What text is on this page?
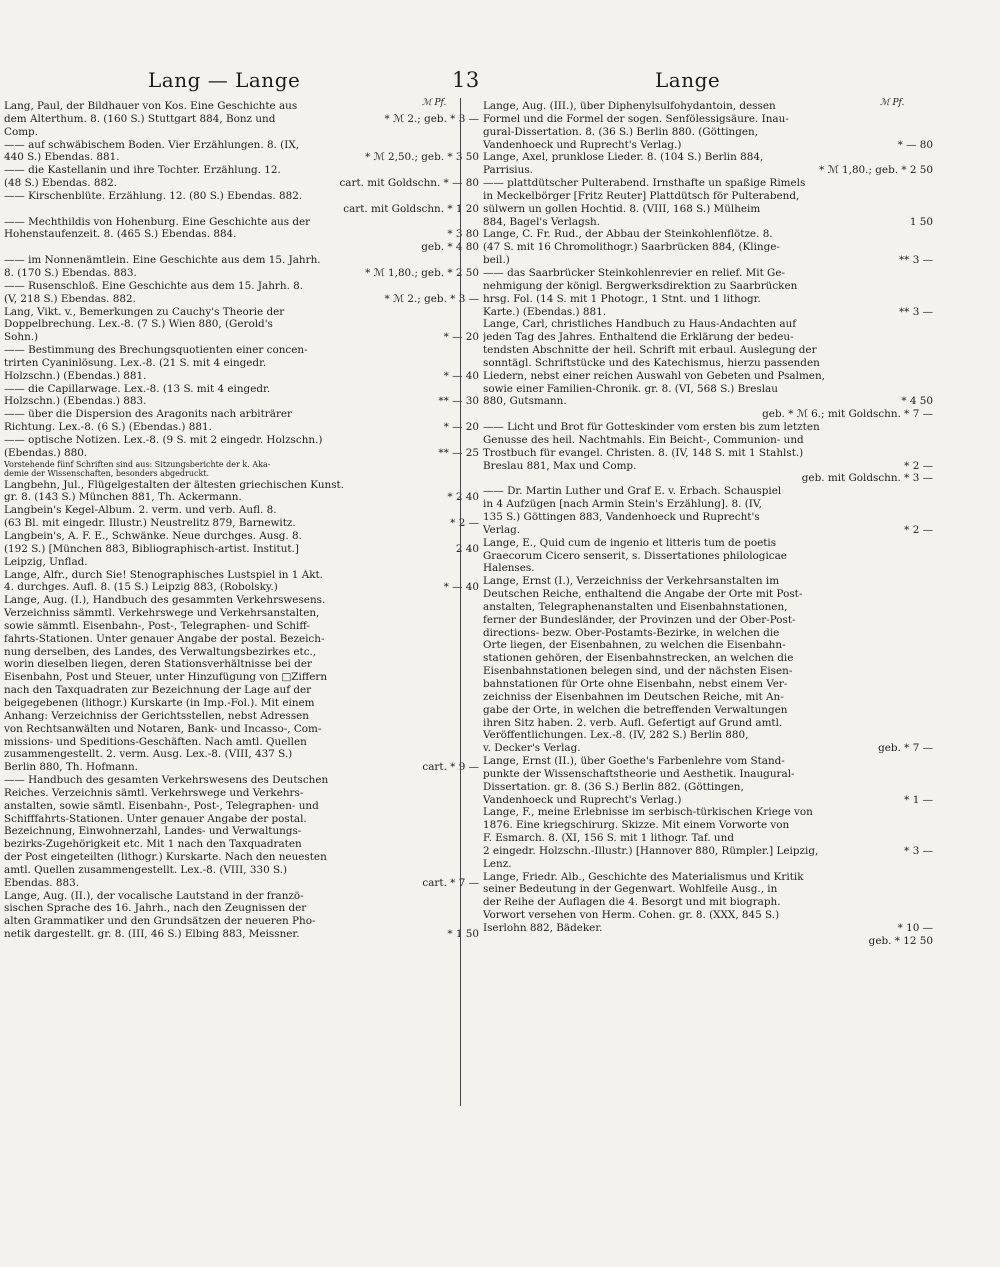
Lang — Lange	13	Lange
ℳ Pf.	ℳ Pf.
Lang, Paul, der Bildhauer von Kos. Eine Geschichte aus
dem Alterthum. 8. (160 S.) Stuttgart 884, Bonz und
Comp.
* ℳ 2.; geb. * 3 —
—— auf schwäbischem Boden. Vier Erzählungen. 8. (IX,
440 S.) Ebendas. 881.	* ℳ 2,50.; geb. * 3 50
—— die Kastellanin und ihre Tochter. Erzählung. 12.
(48 S.) Ebendas. 882.	cart. mit Goldschn. * — 80
—— Kirschenblüte. Erzählung. 12. (80 S.) Ebendas. 882.
cart. mit Goldschn. * 1 20
—— Mechthildis von Hohenburg. Eine Geschichte aus der
Hohenstaufenzeit. 8. (465 S.) Ebendas. 884.	* 3 80
geb. * 4 80
—— im Nonnenämtlein. Eine Geschichte aus dem 15. Jahrh.
8. (170 S.) Ebendas. 883.	* ℳ 1,80.; geb. * 2 50
—— Rusenschloß. Eine Geschichte aus dem 15. Jahrh. 8.
(V, 218 S.) Ebendas. 882.	* ℳ 2.; geb. * 3 —
Lang, Vikt. v., Bemerkungen zu Cauchy's Theorie der
Doppelbrechung. Lex.-8. (7 S.) Wien 880, (Gerold's
Sohn.)	* — 20
—— Bestimmung des Brechungsquotienten einer concen-
trirten Cyaninlösung. Lex.-8. (21 S. mit 4 eingedr.
Holzschn.) (Ebendas.) 881.	* — 40
—— die Capillarwage. Lex.-8. (13 S. mit 4 eingedr.
Holzschn.) (Ebendas.) 883.	** — 30
—— über die Dispersion des Aragonits nach arbiträrer
Richtung. Lex.-8. (6 S.) (Ebendas.) 881.	* — 20
—— optische Notizen. Lex.-8. (9 S. mit 2 eingedr. Holzschn.)
(Ebendas.) 880.	** — 25
Vorstehende fünf Schriften sind aus: Sitzungsberichte der k. Aka-
demie der Wissenschaften, besonders abgedruckt.
Langbehn, Jul., Flügelgestalten der ältesten griechischen Kunst.
gr. 8. (143 S.) München 881, Th. Ackermann.	* 2 40
Langbein's Kegel-Album. 2. verm. und verb. Aufl. 8.
(63 Bl. mit eingedr. Illustr.) Neustrelitz 879, Barnewitz.	* 2 —
Langbein's, A. F. E., Schwänke. Neue durchges. Ausg. 8.
(192 S.) [München 883, Bibliographisch-artist. Institut.]
Leipzig, Unflad.
2 40
Lange, Alfr., durch Sie! Stenographisches Lustspiel in 1 Akt.
4. durchges. Aufl. 8. (15 S.) Leipzig 883, (Robolsky.)	* — 40
Lange, Aug. (I.), Handbuch des gesammten Verkehrswesens.
Verzeichniss sämmtl. Verkehrswege und Verkehrsanstalten,
sowie sämmtl. Eisenbahn-, Post-, Telegraphen- und Schiff-
fahrts-Stationen. Unter genauer Angabe der postal. Bezeich-
nung derselben, des Landes, des Verwaltungsbezirkes etc.,
worin dieselben liegen, deren Stationsverhältnisse bei der
Eisenbahn, Post und Steuer, unter Hinzufügung von □Ziffern
nach den Taxquadraten zur Bezeichnung der Lage auf der
beigegebenen (lithogr.) Kurskarte (in Imp.-Fol.). Mit einem
Anhang: Verzeichniss der Gerichtsstellen, nebst Adressen
von Rechtsanwälten und Notaren, Bank- und Incasso-, Com-
missions- und Speditions-Geschäften. Nach amtl. Quellen
zusammengestellt. 2. verm. Ausg. Lex.-8. (VIII, 437 S.)
Berlin 880, Th. Hofmann.	cart. * 9 —
—— Handbuch des gesamten Verkehrswesens des Deutschen
Reiches. Verzeichnis sämtl. Verkehrswege und Verkehrs-
anstalten, sowie sämtl. Eisenbahn-, Post-, Telegraphen- und
Schifffahrts-Stationen. Unter genauer Angabe der postal.
Bezeichnung, Einwohnerzahl, Landes- und Verwaltungs-
bezirks-Zugehörigkeit etc. Mit 1 nach den Taxquadraten
der Post eingeteilten (lithogr.) Kurskarte. Nach den neuesten
amtl. Quellen zusammengestellt. Lex.-8. (VIII, 330 S.)
Ebendas. 883.	cart. * 7 —
Lange, Aug. (II.), der vocalische Lautstand in der franzö-
sischen Sprache des 16. Jahrh., nach den Zeugnissen der
alten Grammatiker und den Grundsätzen der neueren Pho-
netik dargestellt. gr. 8. (III, 46 S.) Elbing 883, Meissner.	* 1 50
Lange, Aug. (III.), über Diphenylsulfohydantoin, dessen
Formel und die Formel der sogen. Senfölessigsäure. Inau-
gural-Dissertation. 8. (36 S.) Berlin 880. (Göttingen,
Vandenhoeck und Ruprecht's Verlag.)	* — 80
Lange, Axel, prunklose Lieder. 8. (104 S.) Berlin 884,
Parrisius.	* ℳ 1,80.; geb. * 2 50
—— plattdütscher Pulterabend. Irnsthafte un spaßige Rimels
in Meckelbörger [Fritz Reuter] Plattdütsch för Pulterabend,
sülwern un gollen Hochtid. 8. (VIII, 168 S.) Mülheim
884, Bagel's Verlagsh.	1 50
Lange, C. Fr. Rud., der Abbau der Steinkohlenflötze. 8.
(47 S. mit 16 Chromolithogr.) Saarbrücken 884, (Klinge-
beil.)	** 3 —
—— das Saarbrücker Steinkohlenrevier en relief. Mit Ge-
nehmigung der königl. Bergwerksdirektion zu Saarbrücken
hrsg. Fol. (14 S. mit 1 Photogr., 1 Stnt. und 1 lithogr.
Karte.) (Ebendas.) 881.	** 3 —
Lange, Carl, christliches Handbuch zu Haus-Andachten auf
jeden Tag des Jahres. Enthaltend die Erklärung der bedeu-
tendsten Abschnitte der heil. Schrift mit erbaul. Auslegung der
sonntägl. Schriftstücke und des Katechismus, hierzu passenden
Liedern, nebst einer reichen Auswahl von Gebeten und Psalmen,
sowie einer Familien-Chronik. gr. 8. (VI, 568 S.) Breslau
880, Gutsmann.	* 4 50
geb. * ℳ 6.; mit Goldschn. * 7 —
—— Licht und Brot für Gotteskinder vom ersten bis zum letzten
Genusse des heil. Nachtmahls. Ein Beicht-, Communion- und
Trostbuch für evangel. Christen. 8. (IV, 148 S. mit 1 Stahlst.)
Breslau 881, Max und Comp.	* 2 —
geb. mit Goldschn. * 3 —
—— Dr. Martin Luther und Graf E. v. Erbach. Schauspiel
in 4 Aufzügen [nach Armin Stein's Erzählung]. 8. (IV,
135 S.) Göttingen 883, Vandenhoeck und Ruprecht's
Verlag.	* 2 —
Lange, E., Quid cum de ingenio et litteris tum de poetis
Graecorum Cicero senserit, s. Dissertationes philologicae
Halenses.
Lange, Ernst (I.), Verzeichniss der Verkehrsanstalten im
Deutschen Reiche, enthaltend die Angabe der Orte mit Post-
anstalten, Telegraphenanstalten und Eisenbahnstationen,
ferner der Bundesländer, der Provinzen und der Ober-Post-
directions- bezw. Ober-Postamts-Bezirke, in welchen die
Orte liegen, der Eisenbahnen, zu welchen die Eisenbahn-
stationen gehören, der Eisenbahnstrecken, an welchen die
Eisenbahnstationen belegen sind, und der nächsten Eisen-
bahnstationen für Orte ohne Eisenbahn, nebst einem Ver-
zeichniss der Eisenbahnen im Deutschen Reiche, mit An-
gabe der Orte, in welchen die betreffenden Verwaltungen
ihren Sitz haben. 2. verb. Aufl. Gefertigt auf Grund amtl.
Veröffentlichungen. Lex.-8. (IV, 282 S.) Berlin 880,
v. Decker's Verlag.	geb. * 7 —
Lange, Ernst (II.), über Goethe's Farbenlehre vom Stand-
punkte der Wissenschaftstheorie und Aesthetik. Inaugural-
Dissertation. gr. 8. (36 S.) Berlin 882. (Göttingen,
Vandenhoeck und Ruprecht's Verlag.)	* 1 —
Lange, F., meine Erlebnisse im serbisch-türkischen Kriege von
1876. Eine kriegschirurg. Skizze. Mit einem Vorworte von
F. Esmarch. 8. (XI, 156 S. mit 1 lithogr. Taf. und
2 eingedr. Holzschn.-Illustr.) [Hannover 880, Rümpler.] Leipzig,
Lenz.
* 3 —
Lange, Friedr. Alb., Geschichte des Materialismus und Kritik
seiner Bedeutung in der Gegenwart. Wohlfeile Ausg., in
der Reihe der Auflagen die 4. Besorgt und mit biograph.
Vorwort versehen von Herm. Cohen. gr. 8. (XXX, 845 S.)
Iserlohn 882, Bädeker.	* 10 —
geb. * 12 50
